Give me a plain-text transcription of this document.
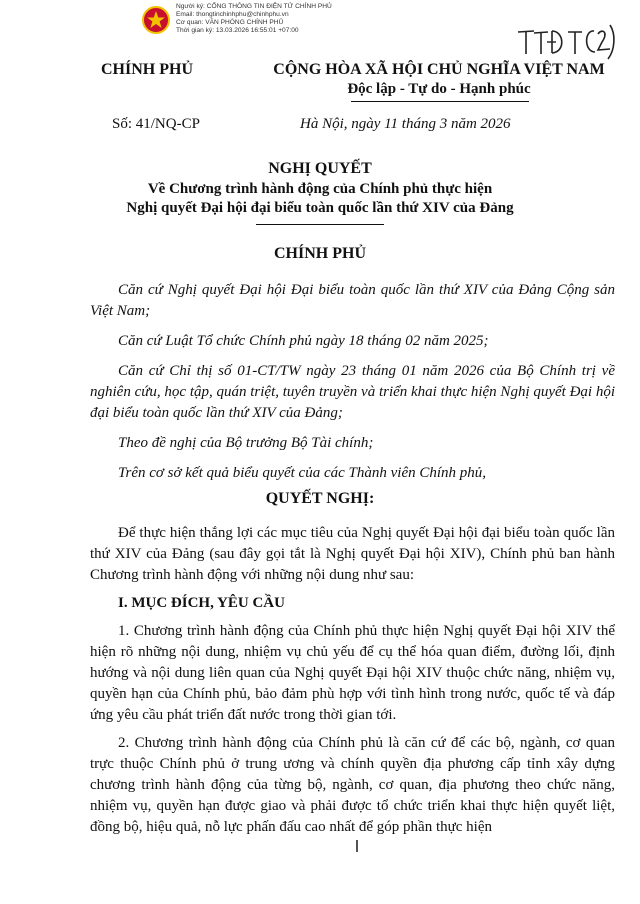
Người ký: CỔNG THÔNG TIN ĐIỆN TỬ CHÍNH PHỦ
Email: thongtinchinhphu@chinhphu.vn
Cơ quan: VĂN PHÒNG CHÍNH PHỦ
Thời gian ký: 13.03.2026 16:55:01 +07:00
CHÍNH PHỦ	CỘNG HÒA XÃ HỘI CHỦ NGHĨA VIỆT NAM
Độc lập - Tự do - Hạnh phúc
Số: 41/NQ-CP	Hà Nội, ngày 11 tháng 3 năm 2026
NGHỊ QUYẾT
Về Chương trình hành động của Chính phủ thực hiện
Nghị quyết Đại hội đại biểu toàn quốc lần thứ XIV của Đảng
CHÍNH PHỦ

Căn cứ Nghị quyết Đại hội Đại biểu toàn quốc lần thứ XIV của Đảng Cộng sản Việt Nam;

Căn cứ Luật Tổ chức Chính phủ ngày 18 tháng 02 năm 2025;

Căn cứ Chỉ thị số 01-CT/TW ngày 23 tháng 01 năm 2026 của Bộ Chính trị về nghiên cứu, học tập, quán triệt, tuyên truyền và triển khai thực hiện Nghị quyết Đại hội đại biểu toàn quốc lần thứ XIV của Đảng;

Theo đề nghị của Bộ trưởng Bộ Tài chính;

Trên cơ sở kết quả biểu quyết của các Thành viên Chính phủ,

QUYẾT NGHỊ:

Để thực hiện thắng lợi các mục tiêu của Nghị quyết Đại hội đại biểu toàn quốc lần thứ XIV của Đảng (sau đây gọi tắt là Nghị quyết Đại hội XIV), Chính phủ ban hành Chương trình hành động với những nội dung như sau:

I. MỤC ĐÍCH, YÊU CẦU

1. Chương trình hành động của Chính phủ thực hiện Nghị quyết Đại hội XIV thể hiện rõ những nội dung, nhiệm vụ chủ yếu để cụ thể hóa quan điểm, đường lối, định hướng và nội dung liên quan của Nghị quyết Đại hội XIV thuộc chức năng, nhiệm vụ, quyền hạn của Chính phủ, bảo đảm phù hợp với tình hình trong nước, quốc tế và đáp ứng yêu cầu phát triển đất nước trong thời gian tới.

2. Chương trình hành động của Chính phủ là căn cứ để các bộ, ngành, cơ quan trực thuộc Chính phủ ở trung ương và chính quyền địa phương cấp tỉnh xây dựng chương trình hành động của từng bộ, ngành, cơ quan, địa phương theo chức năng, nhiệm vụ, quyền hạn được giao và phải được tổ chức triển khai thực hiện quyết liệt, đồng bộ, hiệu quả, nỗ lực phấn đấu cao nhất để góp phần thực hiện
